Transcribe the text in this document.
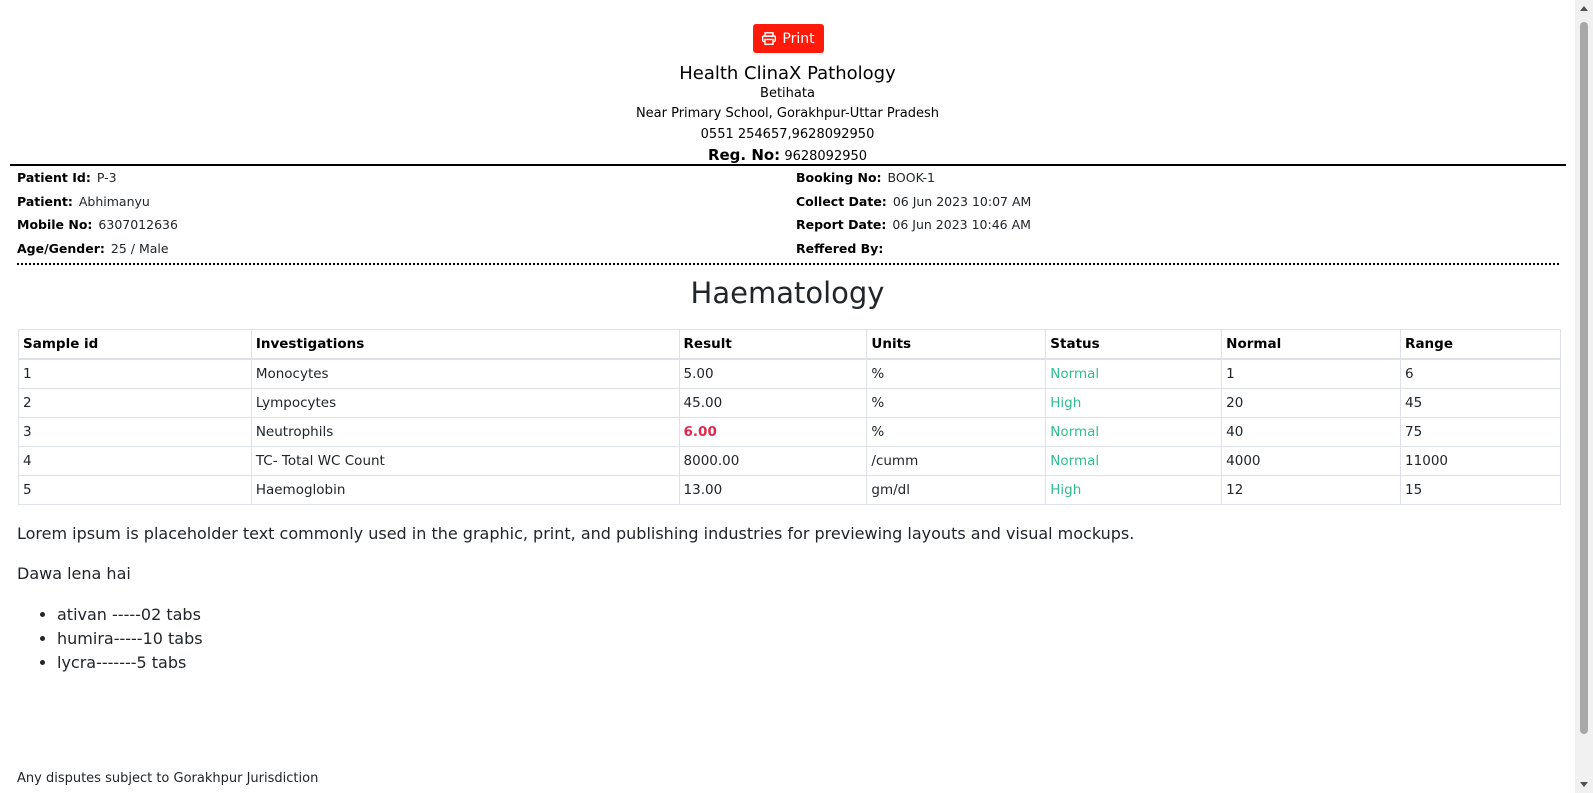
Print
Health ClinaX Pathology
Betihata
Near Primary School, Gorakhpur-Uttar Pradesh
0551 254657,9628092950
Reg. No: 9628092950
Patient Id: P-3
Patient: Abhimanyu
Mobile No: 6307012636
Age/Gender: 25 / Male
Booking No: BOOK-1
Collect Date: 06 Jun 2023 10:07 AM
Report Date: 06 Jun 2023 10:46 AM
Reffered By:
Haematology
Sample id	Investigations	Result	Units	Status	Normal	Range
1	Monocytes	5.00	%	Normal	1	6
2	Lympocytes	45.00	%	High	20	45
3	Neutrophils	6.00	%	Normal	40	75
4	TC- Total WC Count	8000.00	/cumm	Normal	4000	11000
5	Haemoglobin	13.00	gm/dl	High	12	15
Lorem ipsum is placeholder text commonly used in the graphic, print, and publishing industries for previewing layouts and visual mockups.
Dawa lena hai
• ativan -----02 tabs
• humira-----10 tabs
• lycra-------5 tabs
Any disputes subject to Gorakhpur Jurisdiction
